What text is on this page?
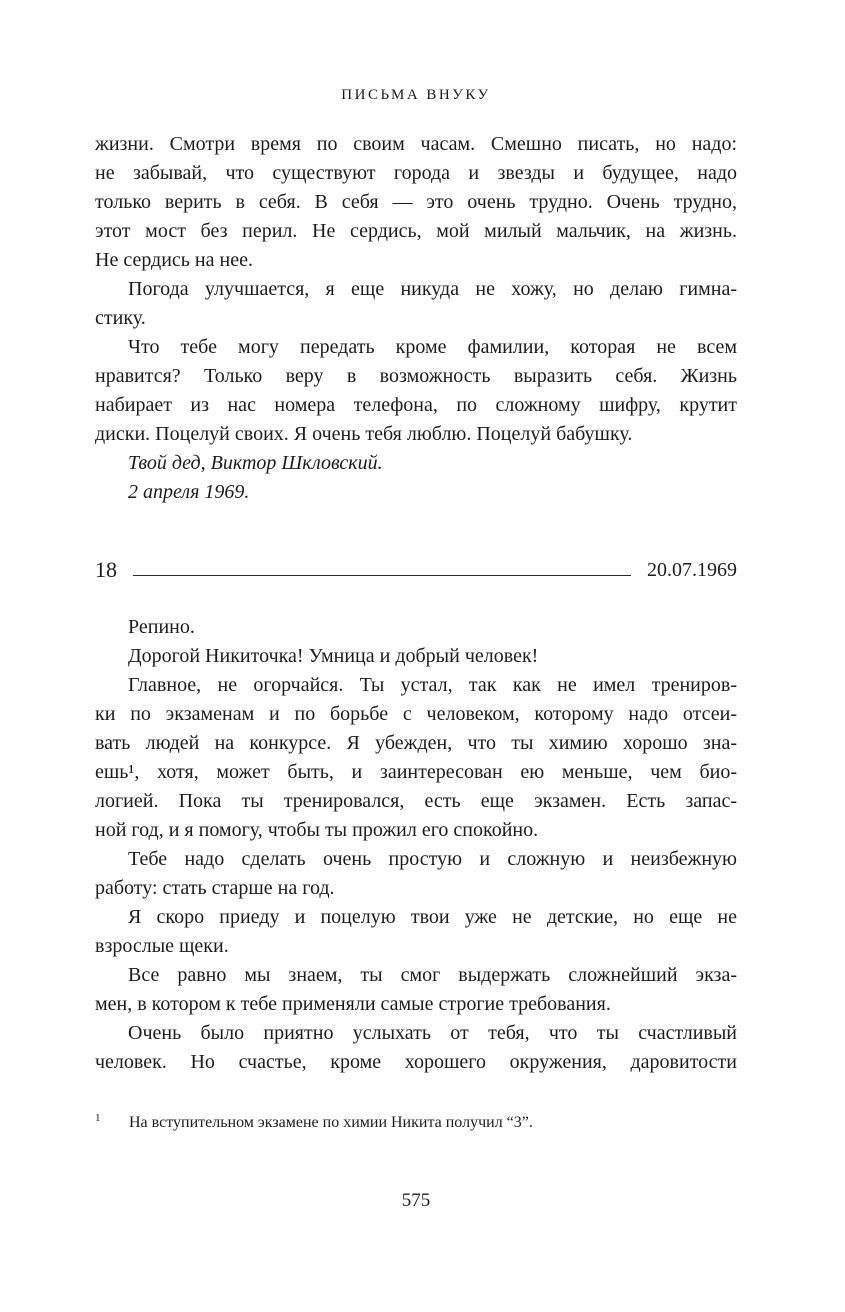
ПИСЬМА ВНУКУ
жизни. Смотри время по своим часам. Смешно писать, но надо:
не забывай, что существуют города и звезды и будущее, надо
только верить в себя. В себя — это очень трудно. Очень трудно,
этот мост без перил. Не сердись, мой милый мальчик, на жизнь.
Не сердись на нее.
Погода улучшается, я еще никуда не хожу, но делаю гимна-
стику.
Что тебе могу передать кроме фамилии, которая не всем
нравится? Только веру в возможность выразить себя. Жизнь
набирает из нас номера телефона, по сложному шифру, крутит
диски. Поцелуй своих. Я очень тебя люблю. Поцелуй бабушку.
Твой дед, Виктор Шкловский.
2 апреля 1969.
18	20.07.1969
Репино.
Дорогой Никиточка! Умница и добрый человек!
Главное, не огорчайся. Ты устал, так как не имел трениров-
ки по экзаменам и по борьбе с человеком, которому надо отсеи-
вать людей на конкурсе. Я убежден, что ты химию хорошо зна-
ешь¹, хотя, может быть, и заинтересован ею меньше, чем био-
логией. Пока ты тренировался, есть еще экзамен. Есть запас-
ной год, и я помогу, чтобы ты прожил его спокойно.
Тебе надо сделать очень простую и сложную и неизбежную
работу: стать старше на год.
Я скоро приеду и поцелую твои уже не детские, но еще не
взрослые щеки.
Все равно мы знаем, ты смог выдержать сложнейший экза-
мен, в котором к тебе применяли самые строгие требования.
Очень было приятно услыхать от тебя, что ты счастливый
человек. Но счастье, кроме хорошего окружения, даровитости
1 На вступительном экзамене по химии Никита получил “3”.
575
